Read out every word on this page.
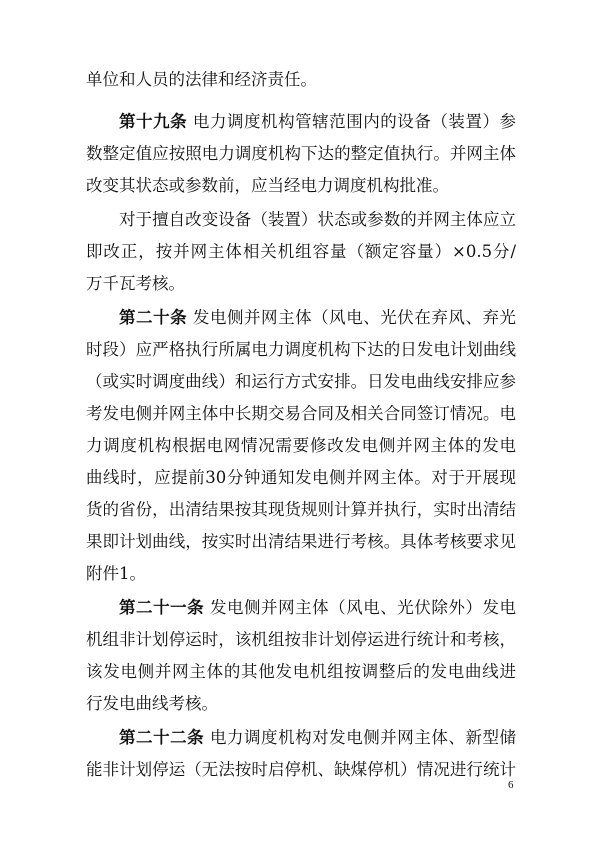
单位和人员的法律和经济责任。
第十九条 电力调度机构管辖范围内的设备（装置）参
数整定值应按照电力调度机构下达的整定值执行。并网主体
改变其状态或参数前，应当经电力调度机构批准。
对于擅自改变设备（装置）状态或参数的并网主体应立
即改正，按并网主体相关机组容量（额定容量）×0.5分/
万千瓦考核。
第二十条 发电侧并网主体（风电、光伏在弃风、弃光
时段）应严格执行所属电力调度机构下达的日发电计划曲线
（或实时调度曲线）和运行方式安排。日发电曲线安排应参
考发电侧并网主体中长期交易合同及相关合同签订情况。电
力调度机构根据电网情况需要修改发电侧并网主体的发电
曲线时，应提前30分钟通知发电侧并网主体。对于开展现
货的省份，出清结果按其现货规则计算并执行，实时出清结
果即计划曲线，按实时出清结果进行考核。具体考核要求见
附件1。
第二十一条 发电侧并网主体（风电、光伏除外）发电
机组非计划停运时，该机组按非计划停运进行统计和考核，
该发电侧并网主体的其他发电机组按调整后的发电曲线进
行发电曲线考核。
第二十二条 电力调度机构对发电侧并网主体、新型储
能非计划停运（无法按时启停机、缺煤停机）情况进行统计
6
